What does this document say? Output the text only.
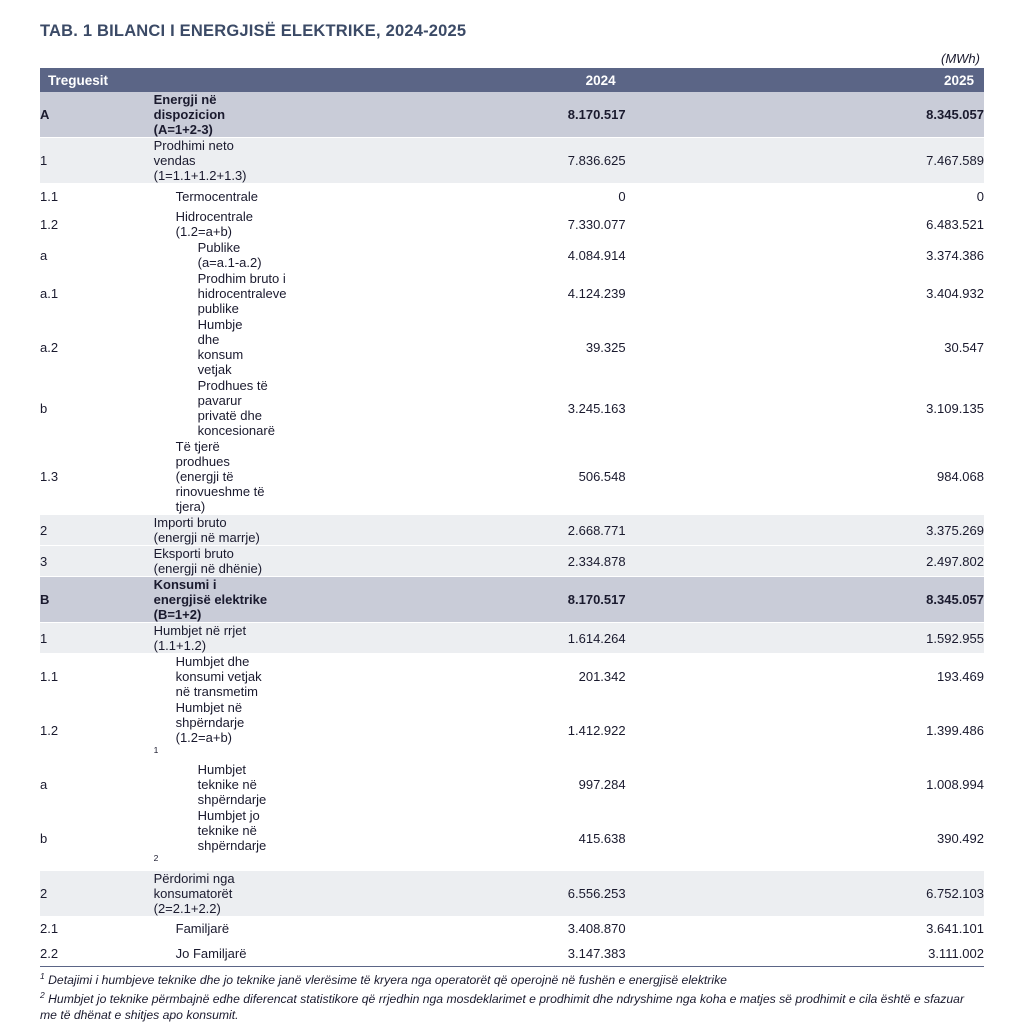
TAB. 1 BILANCI I ENERGJISË ELEKTRIKE, 2024-2025
(MWh)
Treguesit		2024	2025
A	Energji në dispozicion (A=1+2-3)	8.170.517	8.345.057
1	Prodhimi neto vendas (1=1.1+1.2+1.3)	7.836.625	7.467.589
1.1	Termocentrale	0	0
1.2	Hidrocentrale (1.2=a+b)	7.330.077	6.483.521
a	Publike (a=a.1-a.2)	4.084.914	3.374.386
a.1	Prodhim bruto i hidrocentraleve publike	4.124.239	3.404.932
a.2	Humbje dhe konsum vetjak	39.325	30.547
b	Prodhues të pavarur privatë dhe koncesionarë	3.245.163	3.109.135
1.3	Të tjerë prodhues (energji të rinovueshme të tjera)	506.548	984.068
2	Importi bruto (energji në marrje)	2.668.771	3.375.269
3	Eksporti bruto (energji në dhënie)	2.334.878	2.497.802
B	Konsumi i energjisë elektrike (B=1+2)	8.170.517	8.345.057
1	Humbjet në rrjet (1.1+1.2)	1.614.264	1.592.955
1.1	Humbjet dhe konsumi vetjak në transmetim	201.342	193.469
1.2	Humbjet në shpërndarje (1.2=a+b)$^1$	1.412.922	1.399.486
a	Humbjet teknike në shpërndarje	997.284	1.008.994
b	Humbjet jo teknike në shpërndarje$^2$	415.638	390.492
2	Përdorimi nga konsumatorët (2=2.1+2.2)	6.556.253	6.752.103
2.1	Familjarë	3.408.870	3.641.101
2.2	Jo Familjarë	3.147.383	3.111.002
$^1$ Detajimi i humbjeve teknike dhe jo teknike janë vlerësime të kryera nga operatorët që operojnë në fushën e energjisë elektrike
$^2$ Humbjet jo teknike përmbajnë edhe diferencat statistikore që rrjedhin nga mosdeklarimet e prodhimit dhe ndryshime nga koha e matjes së prodhimit e cila është e sfazuar me të dhënat e shitjes apo konsumit.
